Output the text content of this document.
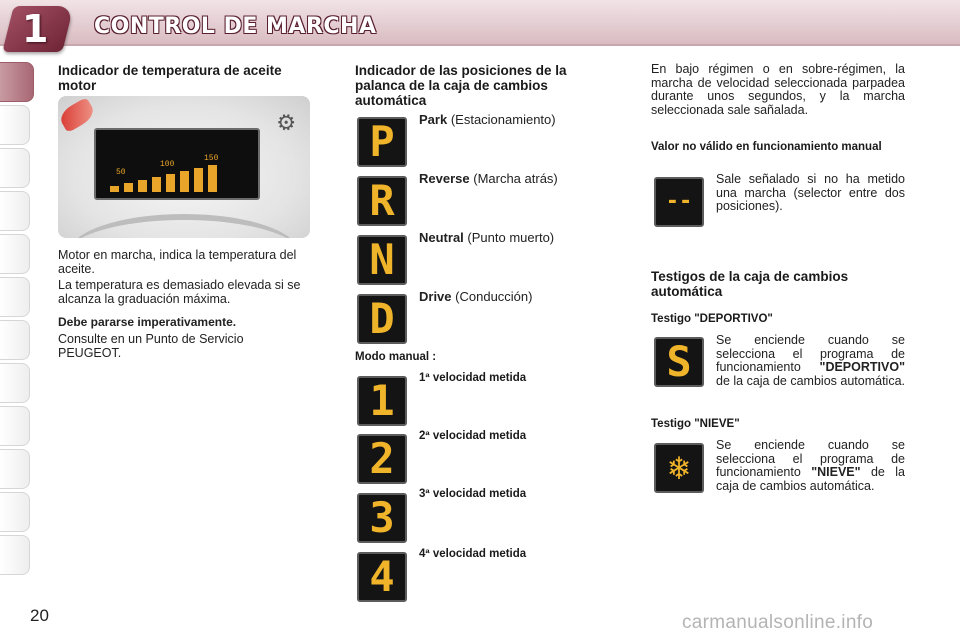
1 CONTROL DE MARCHA
Indicador de temperatura de aceite motor
⚙
50
100
150
Motor en marcha, indica la temperatura del aceite.
La temperatura es demasiado elevada si se alcanza la graduación máxima.
Debe pararse imperativamente.
Consulte en un Punto de Servicio PEUGEOT.
Indicador de las posiciones de la palanca de la caja de cambios automática
P Park (Estacionamiento)
R Reverse (Marcha atrás)
N Neutral (Punto muerto)
D Drive (Conducción)
Modo manual :
1 1ª velocidad metida
2 2ª velocidad metida
3 3ª velocidad metida
4 4ª velocidad metida
En bajo régimen o en sobre-régimen, la marcha de velocidad seleccionada parpadea durante unos segundos, y la marcha seleccionada sale sañalada.
Valor no válido en funcionamiento manual
--
Sale señalado si no ha metido una marcha (selector entre dos posiciones).
Testigos de la caja de cambios automática
Testigo "DEPORTIVO"
S Se enciende cuando se selecciona el programa de funcionamiento "DEPORTIVO" de la caja de cambios automática.
Testigo "NIEVE"
❄
Se enciende cuando se selecciona el programa de funcionamiento "NIEVE" de la caja de cambios automática.
20	carmanualsonline.info
